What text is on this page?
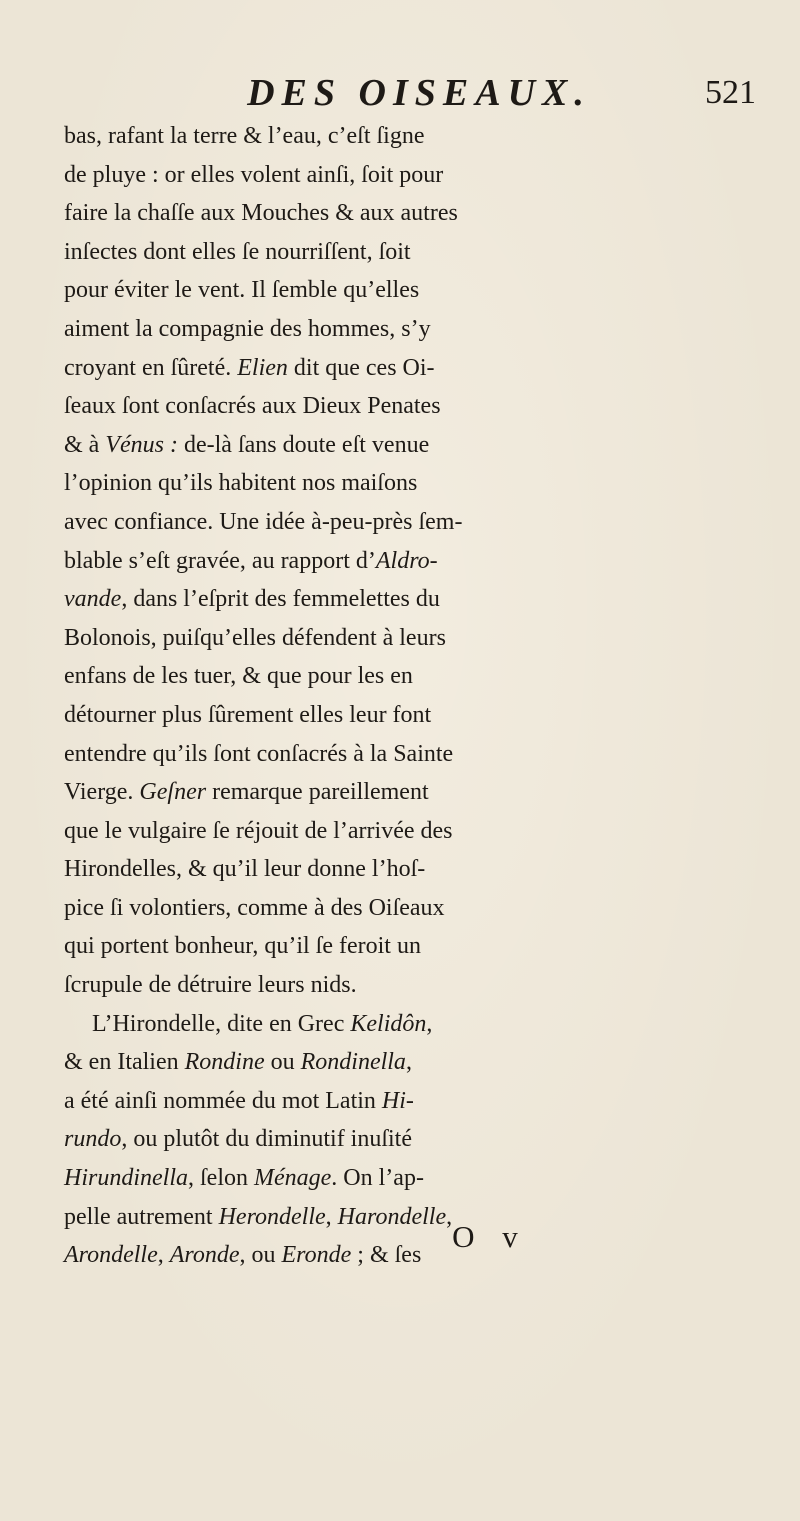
DES OISEAUX.	521
bas, rafant la terre & l’eau, c’eſt ſigne
de pluye : or elles volent ainſi, ſoit pour
faire la chaſſe aux Mouches & aux autres
inſectes dont elles ſe nourriſſent, ſoit
pour éviter le vent. Il ſemble qu’elles
aiment la compagnie des hommes, s’y
croyant en ſûreté. Elien dit que ces Oi-
ſeaux ſont conſacrés aux Dieux Penates
& à Vénus : de-là ſans doute eſt venue
l’opinion qu’ils habitent nos maiſons
avec confiance. Une idée à-peu-près ſem-
blable s’eſt gravée, au rapport d’Aldro-
vande, dans l’eſprit des femmelettes du
Bolonois, puiſqu’elles défendent à leurs
enfans de les tuer, & que pour les en
détourner plus ſûrement elles leur font
entendre qu’ils ſont conſacrés à la Sainte
Vierge. Geſner remarque pareillement
que le vulgaire ſe réjouit de l’arrivée des
Hirondelles, & qu’il leur donne l’hoſ-
pice ſi volontiers, comme à des Oiſeaux
qui portent bonheur, qu’il ſe feroit un
ſcrupule de détruire leurs nids.
L’Hirondelle, dite en Grec Kelidôn,
& en Italien Rondine ou Rondinella,
a été ainſi nommée du mot Latin Hi-
rundo, ou plutôt du diminutif inuſité
Hirundinella, ſelon Ménage. On l’ap-
pelle autrement Herondelle, Harondelle,
Arondelle, Aronde, ou Eronde ; & ſes
O v
